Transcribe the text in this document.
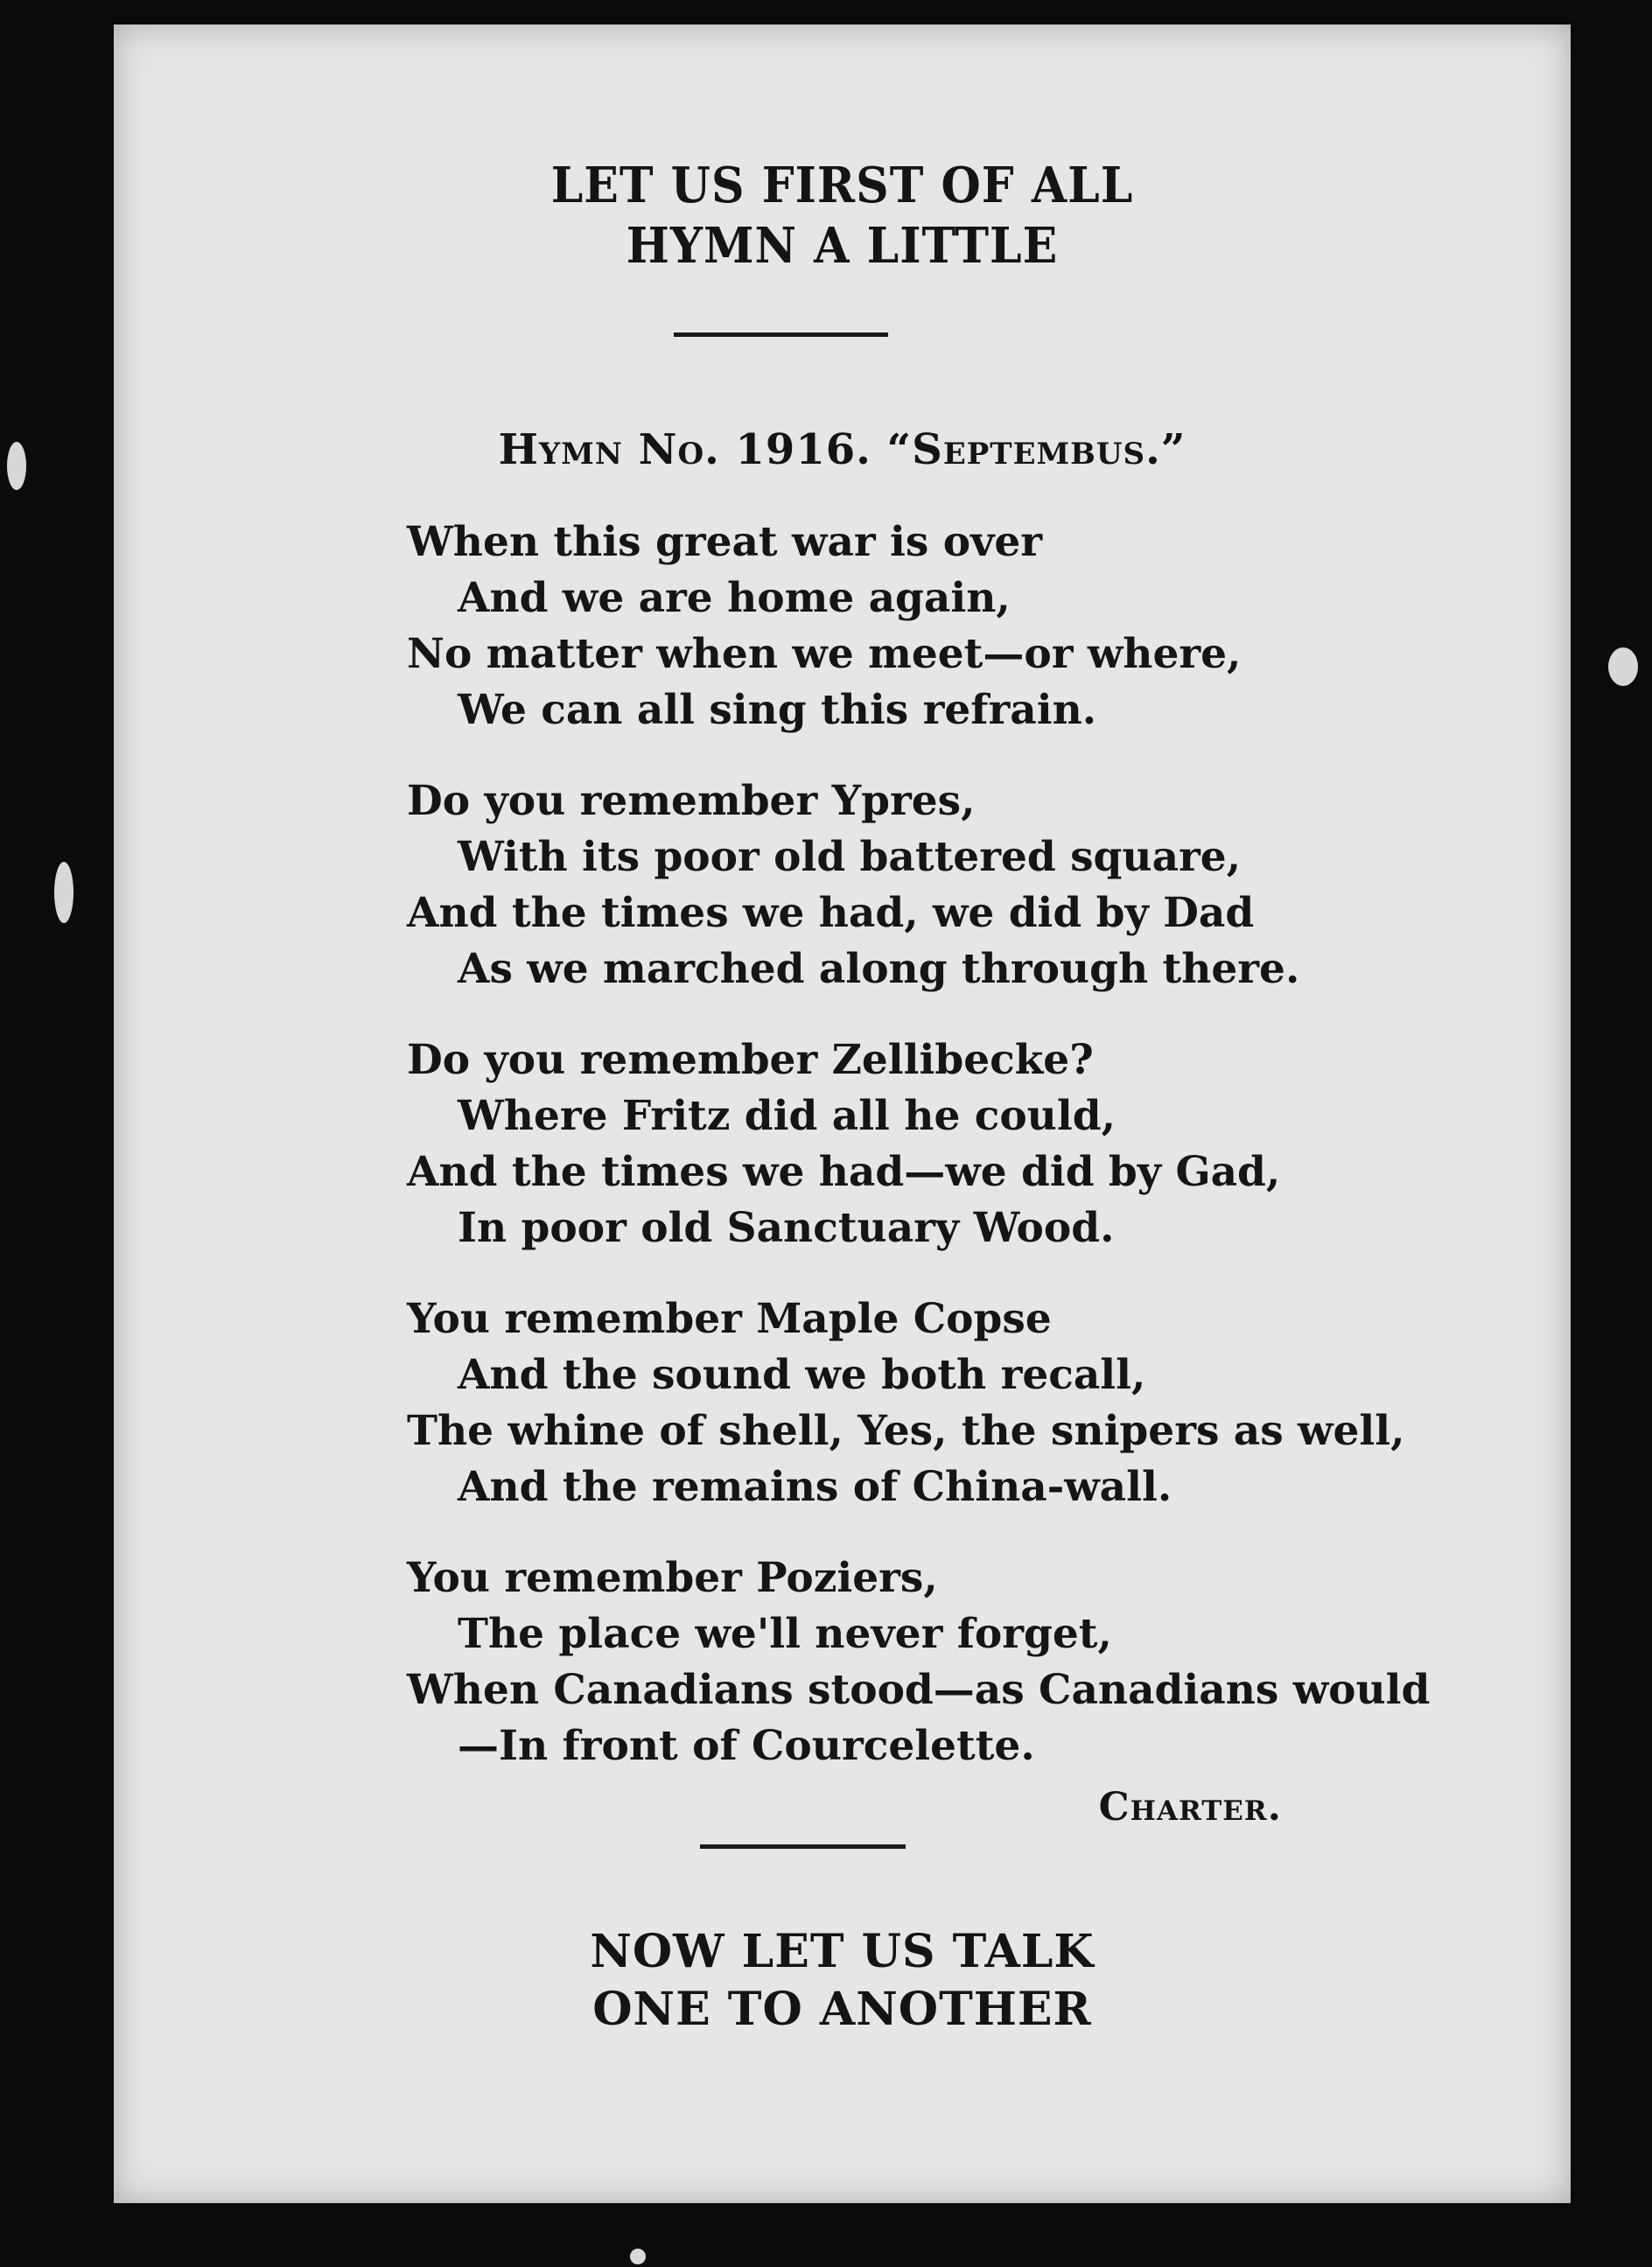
LET US FIRST OF ALL
HYMN A LITTLE
Hymn No. 1916. “Septembus.”
When this great war is over
And we are home again,
No matter when we meet—or where,
We can all sing this refrain.
Do you remember Ypres,
With its poor old battered square,
And the times we had, we did by Dad
As we marched along through there.
Do you remember Zellibecke?
Where Fritz did all he could,
And the times we had—we did by Gad,
In poor old Sanctuary Wood.
You remember Maple Copse
And the sound we both recall,
The whine of shell, Yes, the snipers as well,
And the remains of China-wall.
You remember Poziers,
The place we'll never forget,
When Canadians stood—as Canadians would
—In front of Courcelette.
Charter.
NOW LET US TALK
ONE TO ANOTHER
